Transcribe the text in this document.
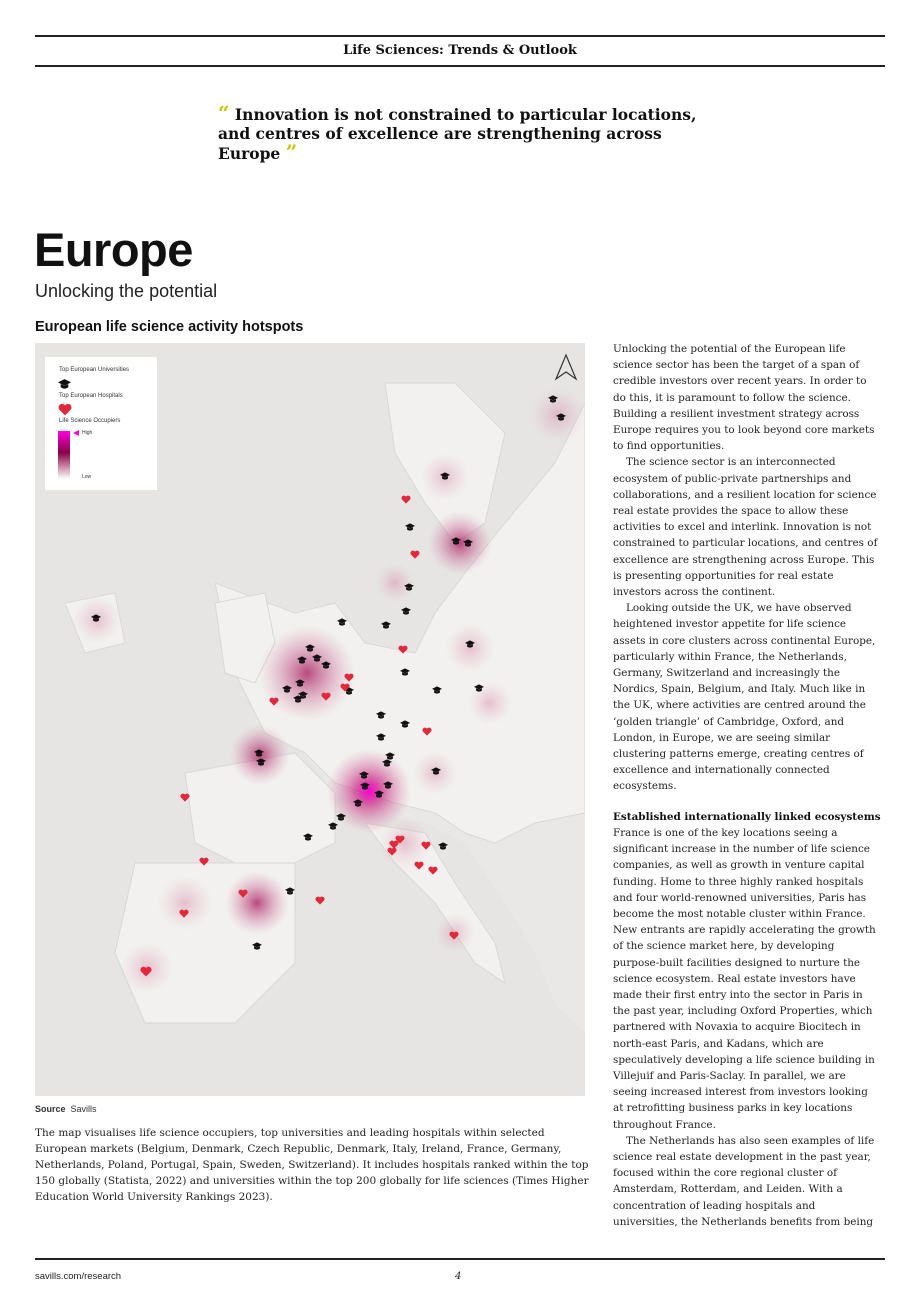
Life Sciences: Trends & Outlook
“ Innovation is not constrained to particular locations, and centres of excellence are strengthening across Europe ”
Europe
Unlocking the potential
European life science activity hotspots
Top European Universities
Top European Hospitals
Life Science Occupiers
High
Low
Source Savills
The map visualises life science occupiers, top universities and leading hospitals within selected European markets (Belgium, Denmark, Czech Republic, Denmark, Italy, Ireland, France, Germany, Netherlands, Poland, Portugal, Spain, Sweden, Switzerland). It includes hospitals ranked within the top 150 globally (Statista, 2022) and universities within the top 200 globally for life sciences (Times Higher Education World University Rankings 2023).

Unlocking the potential of the European life science sector has been the target of a span of credible investors over recent years. In order to do this, it is paramount to follow the science. Building a resilient investment strategy across Europe requires you to look beyond core markets to find opportunities.

The science sector is an interconnected ecosystem of public-private partnerships and collaborations, and a resilient location for science real estate provides the space to allow these activities to excel and interlink. Innovation is not constrained to particular locations, and centres of excellence are strengthening across Europe. This is presenting opportunities for real estate investors across the continent.

Looking outside the UK, we have observed heightened investor appetite for life science assets in core clusters across continental Europe, particularly within France, the Netherlands, Germany, Switzerland and increasingly the Nordics, Spain, Belgium, and Italy. Much like in the UK, where activities are centred around the ‘golden triangle’ of Cambridge, Oxford, and London, in Europe, we are seeing similar clustering patterns emerge, creating centres of excellence and internationally connected ecosystems.

Established internationally linked ecosystems

France is one of the key locations seeing a significant increase in the number of life science companies, as well as growth in venture capital funding. Home to three highly ranked hospitals and four world-renowned universities, Paris has become the most notable cluster within France. New entrants are rapidly accelerating the growth of the science market here, by developing purpose-built facilities designed to nurture the science ecosystem. Real estate investors have made their first entry into the sector in Paris in the past year, including Oxford Properties, which partnered with Novaxia to acquire Biocitech in north-east Paris, and Kadans, which are speculatively developing a life science building in Villejuif and Paris-Saclay. In parallel, we are seeing increased interest from investors looking at retrofitting business parks in key locations throughout France.

The Netherlands has also seen examples of life science real estate development in the past year, focused within the core regional cluster of Amsterdam, Rotterdam, and Leiden. With a concentration of leading hospitals and universities, the Netherlands benefits from being

savills.com/research	4
